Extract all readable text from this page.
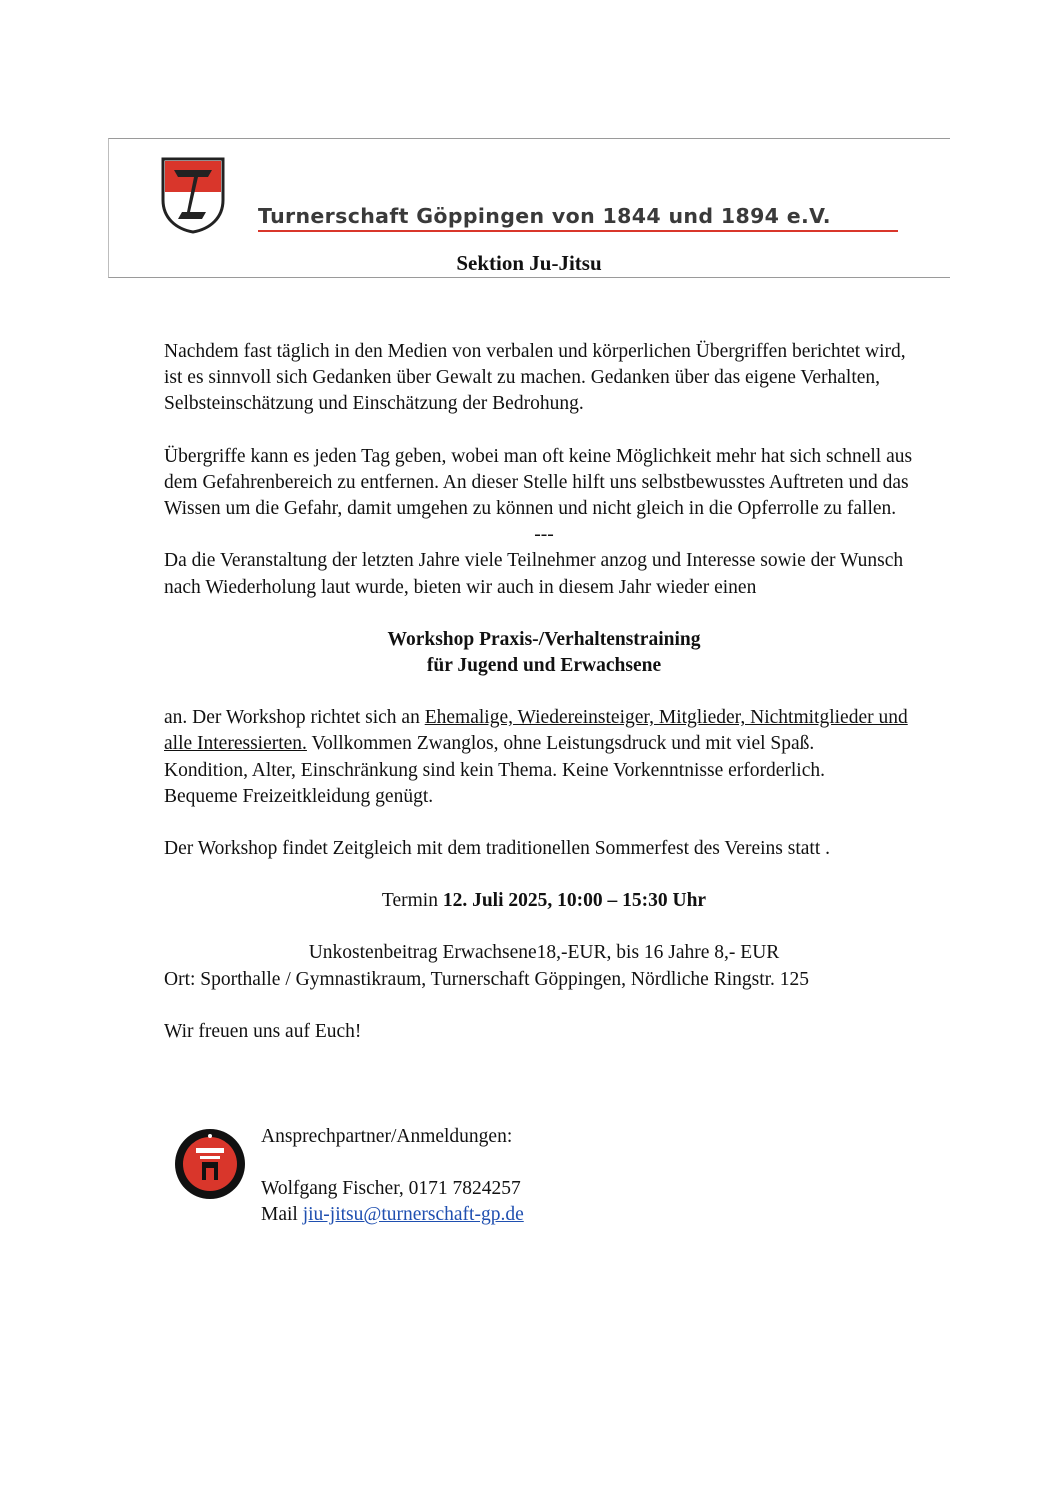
Turnerschaft Göppingen von 1844 und 1894 e.V.
Sektion Ju-Jitsu

Nachdem fast täglich in den Medien von verbalen und körperlichen Übergriffen berichtet wird, ist es sinnvoll sich Gedanken über Gewalt zu machen. Gedanken über das eigene Verhalten, Selbsteinschätzung und Einschätzung der Bedrohung.

Übergriffe kann es jeden Tag geben, wobei man oft keine Möglichkeit mehr hat sich schnell aus dem Gefahrenbereich zu entfernen. An dieser Stelle hilft uns selbstbewusstes Auftreten und das Wissen um die Gefahr, damit umgehen zu können und nicht gleich in die Opferrolle zu fallen.

---

Da die Veranstaltung der letzten Jahre viele Teilnehmer anzog und Interesse sowie der Wunsch nach Wiederholung laut wurde, bieten wir auch in diesem Jahr wieder einen

Workshop Praxis-/Verhaltenstraining

für Jugend und Erwachsene

an. Der Workshop richtet sich an Ehemalige, Wiedereinsteiger, Mitglieder, Nichtmitglieder und alle Interessierten. Vollkommen Zwanglos, ohne Leistungsdruck und mit viel Spaß.

Kondition, Alter, Einschränkung sind kein Thema. Keine Vorkenntnisse erforderlich.

Bequeme Freizeitkleidung genügt.

Der Workshop findet Zeitgleich mit dem traditionellen Sommerfest des Vereins statt .

Termin 12. Juli 2025, 10:00 – 15:30 Uhr

Unkostenbeitrag Erwachsene18,-EUR, bis 16 Jahre 8,- EUR

Ort: Sporthalle / Gymnastikraum, Turnerschaft Göppingen, Nördliche Ringstr. 125

Wir freuen uns auf Euch!

Ansprechpartner/Anmeldungen:

Wolfgang Fischer, 0171 7824257

Mail jiu-jitsu@turnerschaft-gp.de
